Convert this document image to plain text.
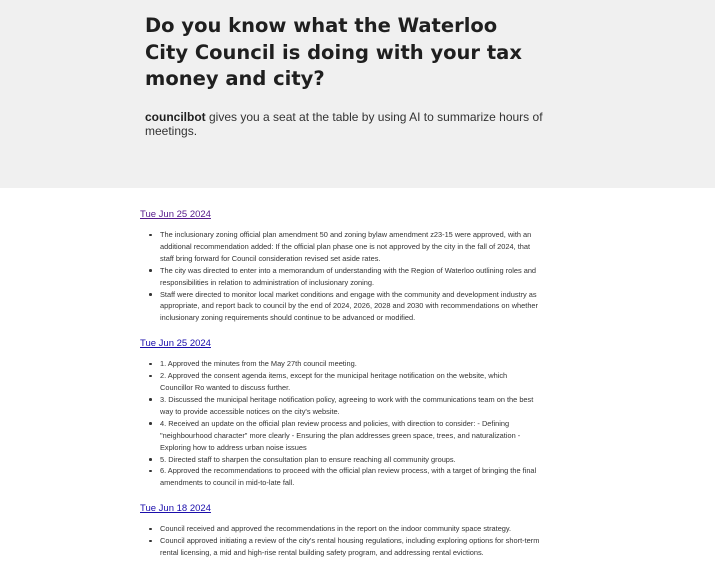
Do you know what the Waterloo City Council is doing with your tax money and city?

councilbot gives you a seat at the table by using AI to summarize hours of meetings.

Tue Jun 25 2024
The inclusionary zoning official plan amendment 50 and zoning bylaw amendment z23-15 were approved, with an additional recommendation added: If the official plan phase one is not approved by the city in the fall of 2024, that staff bring forward for Council consideration revised set aside rates.
The city was directed to enter into a memorandum of understanding with the Region of Waterloo outlining roles and responsibilities in relation to administration of inclusionary zoning.
Staff were directed to monitor local market conditions and engage with the community and development industry as appropriate, and report back to council by the end of 2024, 2026, 2028 and 2030 with recommendations on whether inclusionary zoning requirements should continue to be advanced or modified.
Tue Jun 25 2024
1. Approved the minutes from the May 27th council meeting.
2. Approved the consent agenda items, except for the municipal heritage notification on the website, which Councillor Ro wanted to discuss further.
3. Discussed the municipal heritage notification policy, agreeing to work with the communications team on the best way to provide accessible notices on the city's website.
4. Received an update on the official plan review process and policies, with direction to consider: - Defining "neighbourhood character" more clearly - Ensuring the plan addresses green space, trees, and naturalization - Exploring how to address urban noise issues
5. Directed staff to sharpen the consultation plan to ensure reaching all community groups.
6. Approved the recommendations to proceed with the official plan review process, with a target of bringing the final amendments to council in mid-to-late fall.
Tue Jun 18 2024
Council received and approved the recommendations in the report on the indoor community space strategy.
Council approved initiating a review of the city's rental housing regulations, including exploring options for short-term rental licensing, a mid and high-rise rental building safety program, and addressing rental evictions.
